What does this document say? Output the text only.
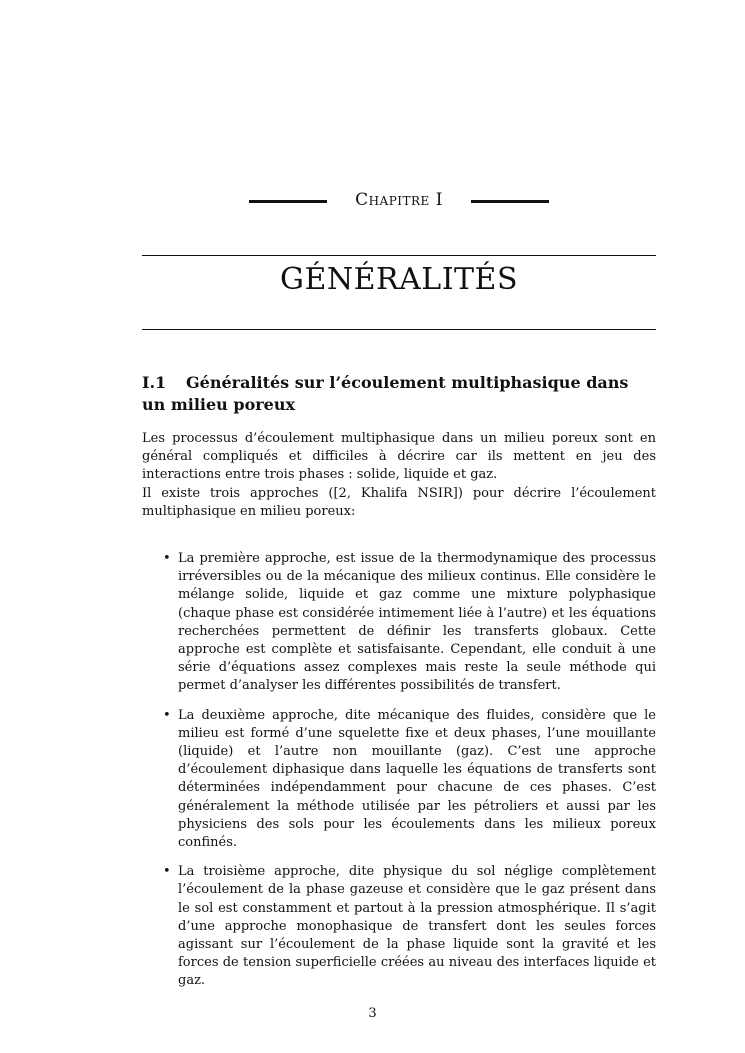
Chapitre I
GÉNÉRALITÉS
I.1 Généralités sur l’écoulement multiphasique dans un milieu poreux

Les processus d’écoulement multiphasique dans un milieu poreux sont en général compliqués et difficiles à décrire car ils mettent en jeu des interactions entre trois phases : solide, liquide et gaz.

Il existe trois approches ([2, Khalifa NSIR]) pour décrire l’écoulement multiphasique en milieu poreux:

• La première approche, est issue de la thermodynamique des processus irréversibles ou de la mécanique des milieux continus. Elle considère le mélange solide, liquide et gaz comme une mixture polyphasique (chaque phase est considérée intimement liée à l’autre) et les équations recherchées permettent de définir les transferts globaux. Cette approche est complète et satisfaisante. Cependant, elle conduit à une série d’équations assez complexes mais reste la seule méthode qui permet d’analyser les différentes possibilités de transfert.
• La deuxième approche, dite mécanique des fluides, considère que le milieu est formé d’une squelette fixe et deux phases, l’une mouillante (liquide) et l’autre non mouillante (gaz). C’est une approche d’écoulement diphasique dans laquelle les équations de transferts sont déterminées indépendamment pour chacune de ces phases. C’est généralement la méthode utilisée par les pétroliers et aussi par les physiciens des sols pour les écoulements dans les milieux poreux confinés.
• La troisième approche, dite physique du sol néglige complètement l’écoulement de la phase gazeuse et considère que le gaz présent dans le sol est constamment et partout à la pression atmosphérique. Il s’agit d’une approche monophasique de transfert dont les seules forces agissant sur l’écoulement de la phase liquide sont la gravité et les forces de tension superficielle créées au niveau des interfaces liquide et gaz.
3
